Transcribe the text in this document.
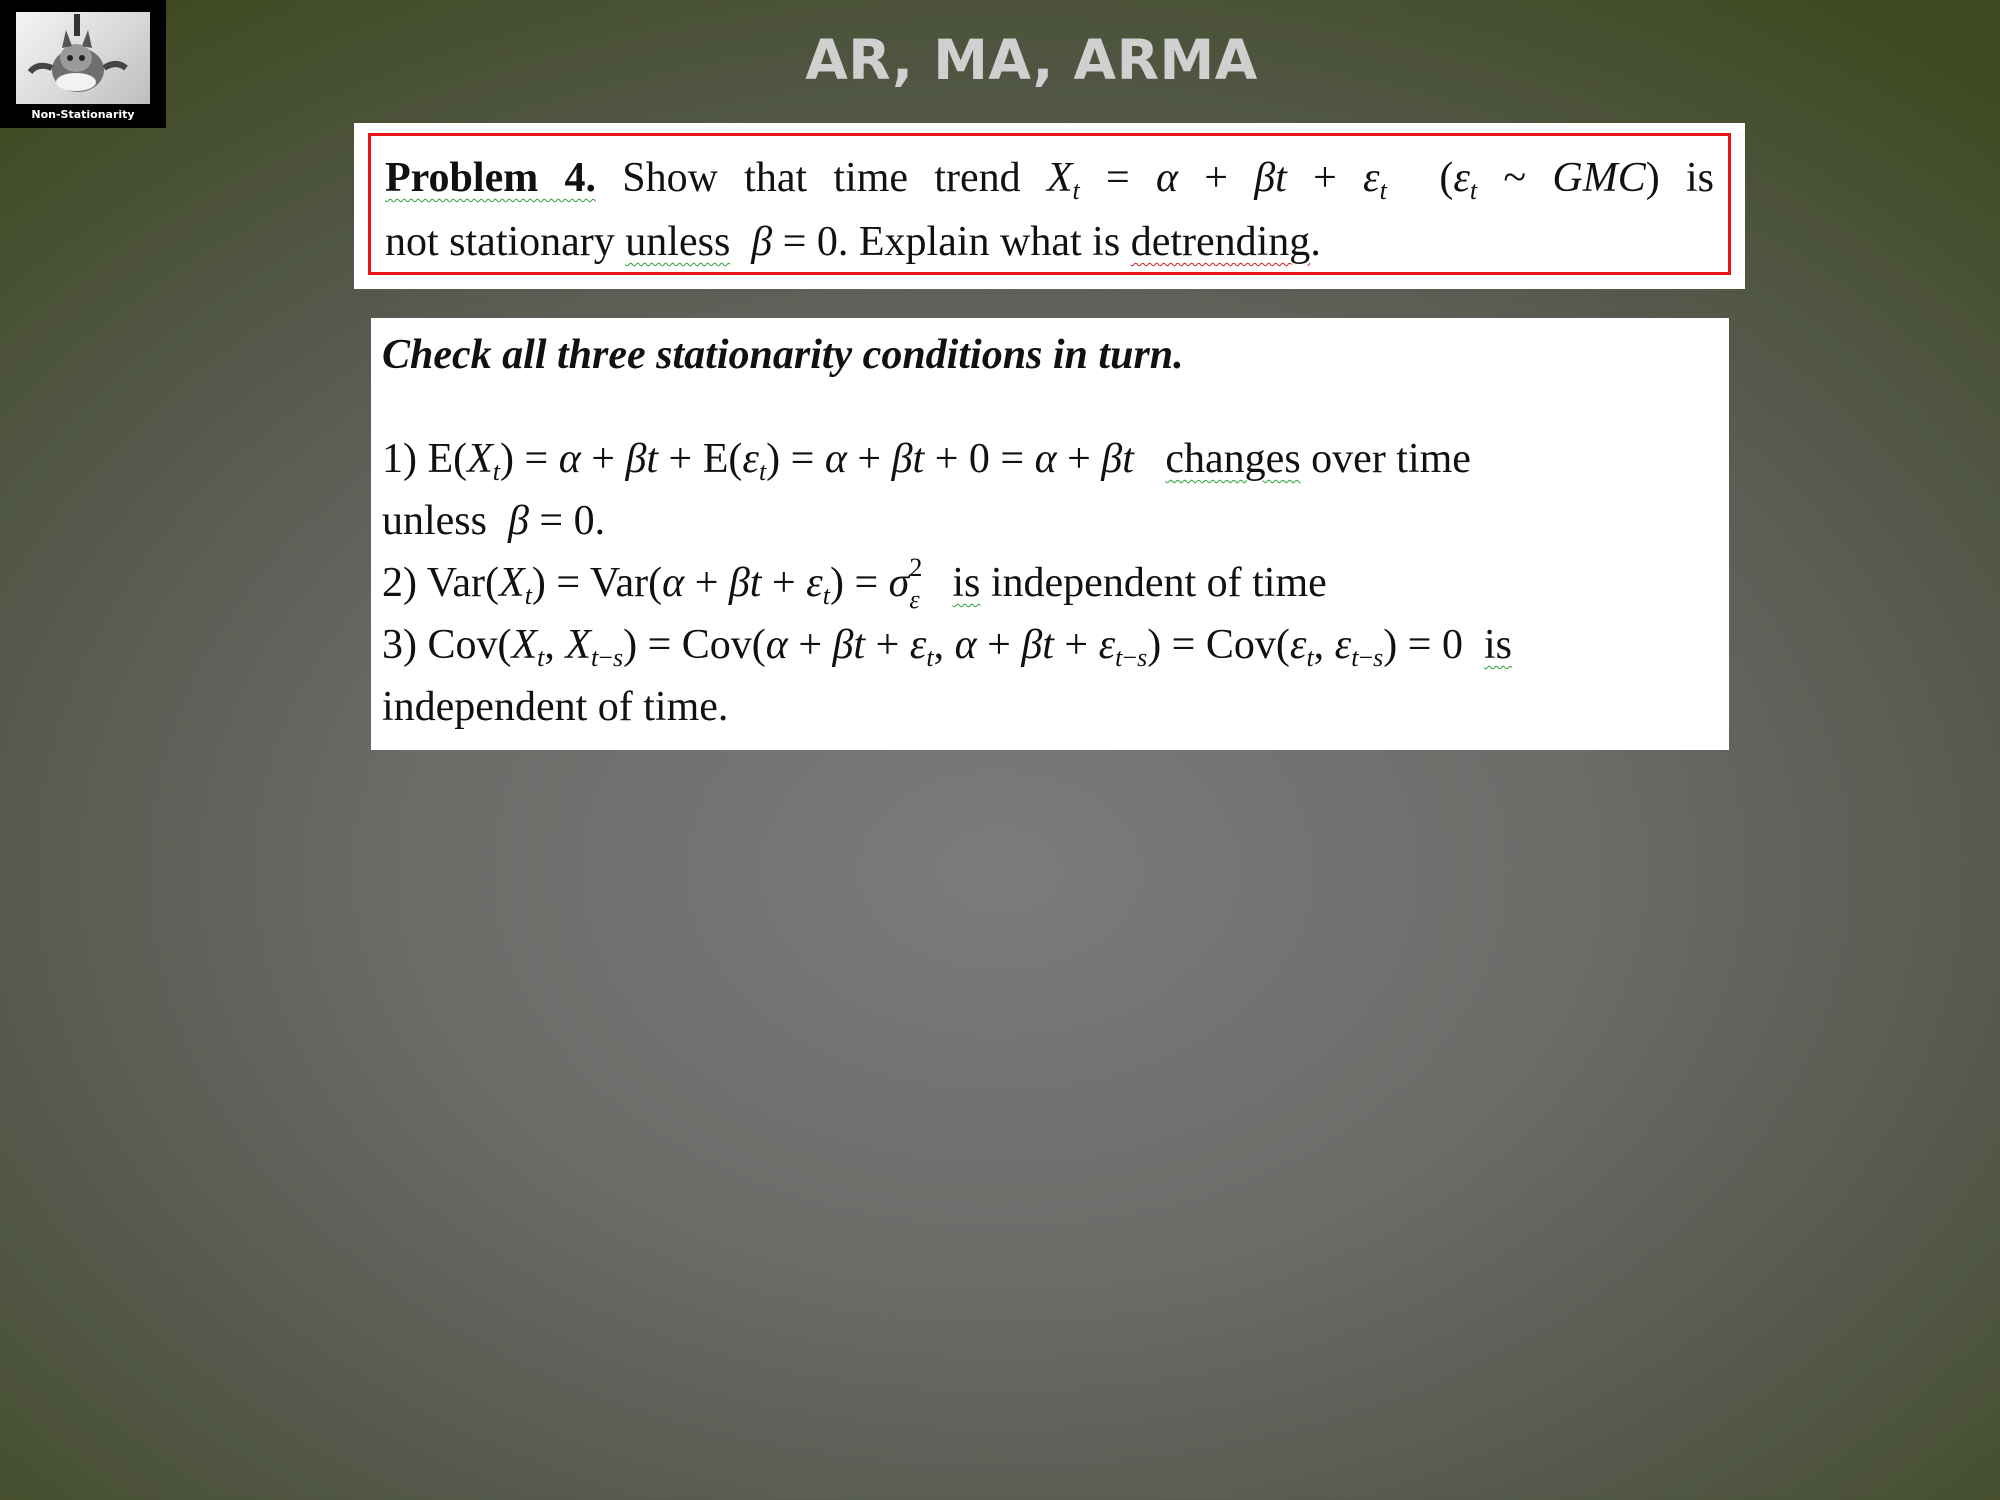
Non-Stationarity
AR, MA, ARMA
Problem 4. Show that time trend $X_t = \alpha + \beta t + \varepsilon_t$  ($\varepsilon_t$ ~ GMC) is
not stationary unless β = 0. Explain what is detrending.
Check all three stationarity conditions in turn.
1) $E(X_t) = \alpha + \beta t + E(\varepsilon_t) = \alpha + \beta t + 0 = \alpha + \beta t$ changes over time
unless β = 0.
2) $Var(X_t) = Var(\alpha + \beta t + \varepsilon_t) = \sigma$ 2
ε is independent of time
3) $Cov(X_t$, $X_{t-s}) = Cov(\alpha + \beta t + \varepsilon_t$, $\alpha + \beta t + \varepsilon_{t-s}) = Cov(\varepsilon_t$, $\varepsilon_{t-s}) = 0$ is
independent of time.
